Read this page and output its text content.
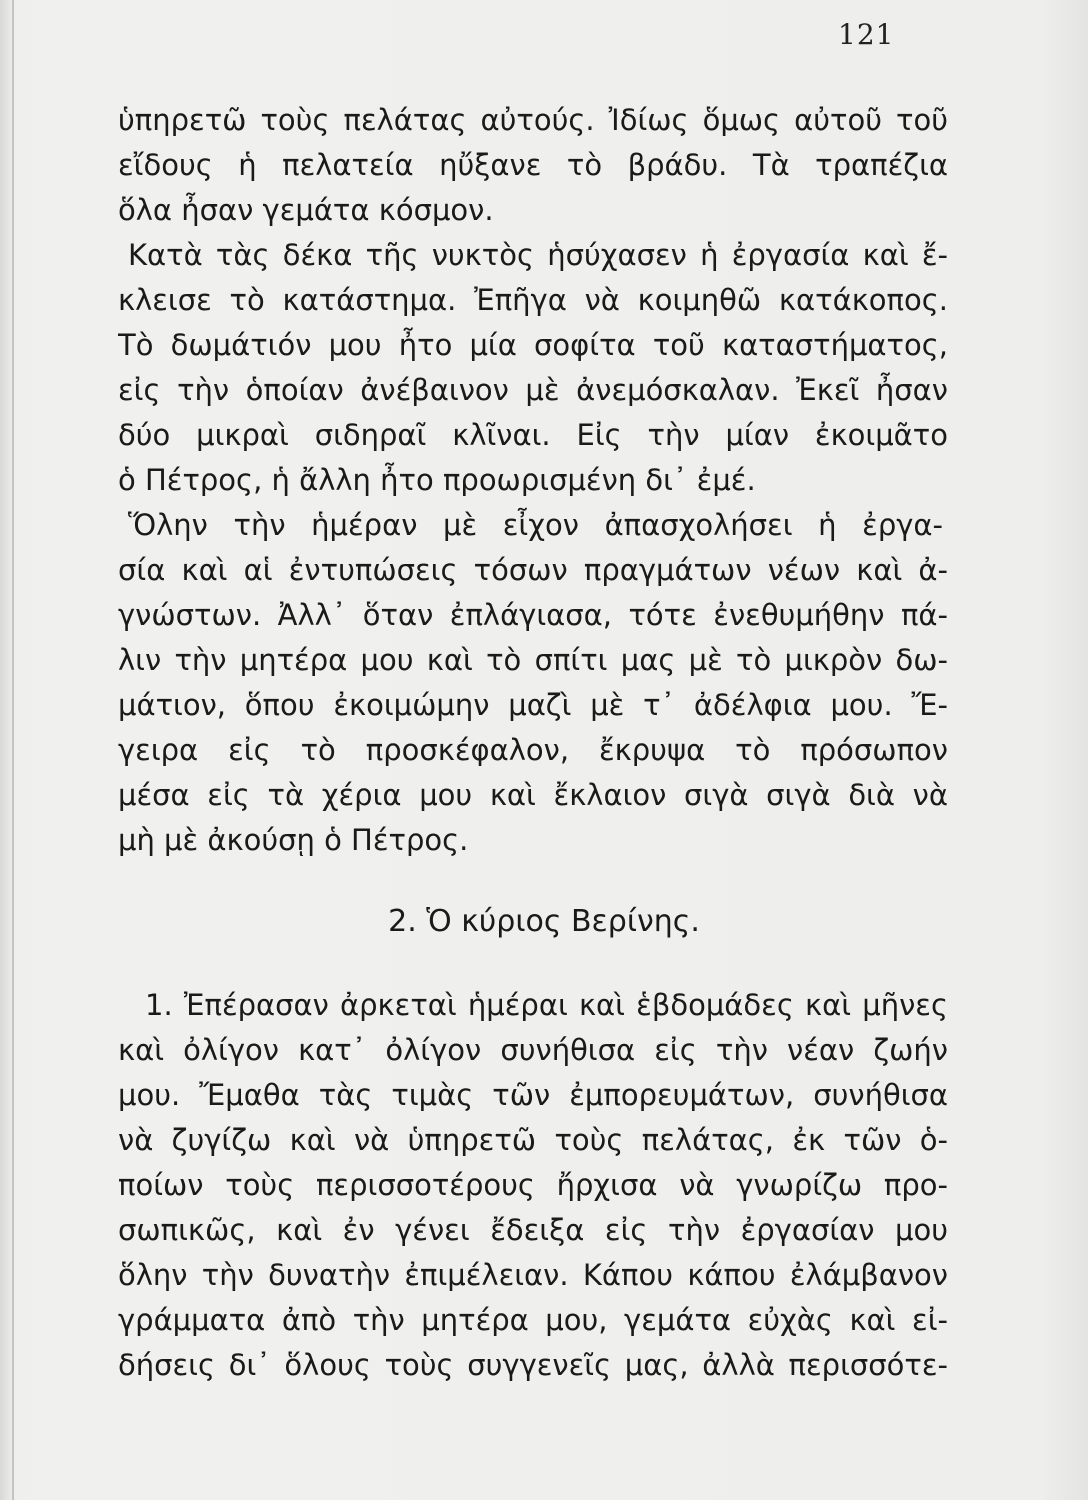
121
ὑπηρετῶ τοὺς πελάτας αὐτούς. Ἰδίως ὅμως αὐτοῦ τοῦ
εἴδους ἡ πελατεία ηὔξανε τὸ βράδυ. Τὰ τραπέζια
ὅλα ἦσαν γεμάτα κόσμον.
Κατὰ τὰς δέκα τῆς νυκτὸς ἡσύχασεν ἡ ἐργασία καὶ ἔ-
κλεισε τὸ κατάστημα. Ἐπῆγα νὰ κοιμηθῶ κατάκοπος.
Τὸ δωμάτιόν μου ἦτο μία σοφίτα τοῦ καταστήματος,
εἰς τὴν ὁποίαν ἀνέβαινον μὲ ἀνεμόσκαλαν. Ἐκεῖ ἦσαν
δύο μικραὶ σιδηραῖ κλῖναι. Εἰς τὴν μίαν ἐκοιμᾶτο
ὁ Πέτρος, ἡ ἄλλη ἦτο προωρισμένη δι᾿ ἐμέ.
Ὅλην τὴν ἡμέραν μὲ εἶχον ἀπασχολήσει ἡ ἐργα-
σία καὶ αἱ ἐντυπώσεις τόσων πραγμάτων νέων καὶ ἀ-
γνώστων. Ἀλλ᾿ ὅταν ἐπλάγιασα, τότε ἐνεθυμήθην πά-
λιν τὴν μητέρα μου καὶ τὸ σπίτι μας μὲ τὸ μικρὸν δω-
μάτιον, ὅπου ἐκοιμώμην μαζὶ μὲ τ᾿ ἀδέλφια μου. Ἔ-
γειρα εἰς τὸ προσκέφαλον, ἔκρυψα τὸ πρόσωπον
μέσα εἰς τὰ χέρια μου καὶ ἔκλαιον σιγὰ σιγὰ διὰ νὰ
μὴ μὲ ἀκούσῃ ὁ Πέτρος.
2. Ὁ κύριος Βερίνης.
1. Ἐπέρασαν ἀρκεταὶ ἡμέραι καὶ ἑβδομάδες καὶ μῆνες
καὶ ὀλίγον κατ᾿ ὀλίγον συνήθισα εἰς τὴν νέαν ζωήν
μου. Ἔμαθα τὰς τιμὰς τῶν ἐμπορευμάτων, συνήθισα
νὰ ζυγίζω καὶ νὰ ὑπηρετῶ τοὺς πελάτας, ἐκ τῶν ὁ-
ποίων τοὺς περισσοτέρους ἤρχισα νὰ γνωρίζω προ-
σωπικῶς, καὶ ἐν γένει ἔδειξα εἰς τὴν ἐργασίαν μου
ὅλην τὴν δυνατὴν ἐπιμέλειαν. Κάπου κάπου ἐλάμβανον
γράμματα ἀπὸ τὴν μητέρα μου, γεμάτα εὐχὰς καὶ εἰ-
δήσεις δι᾿ ὅλους τοὺς συγγενεῖς μας, ἀλλὰ περισσότε-
